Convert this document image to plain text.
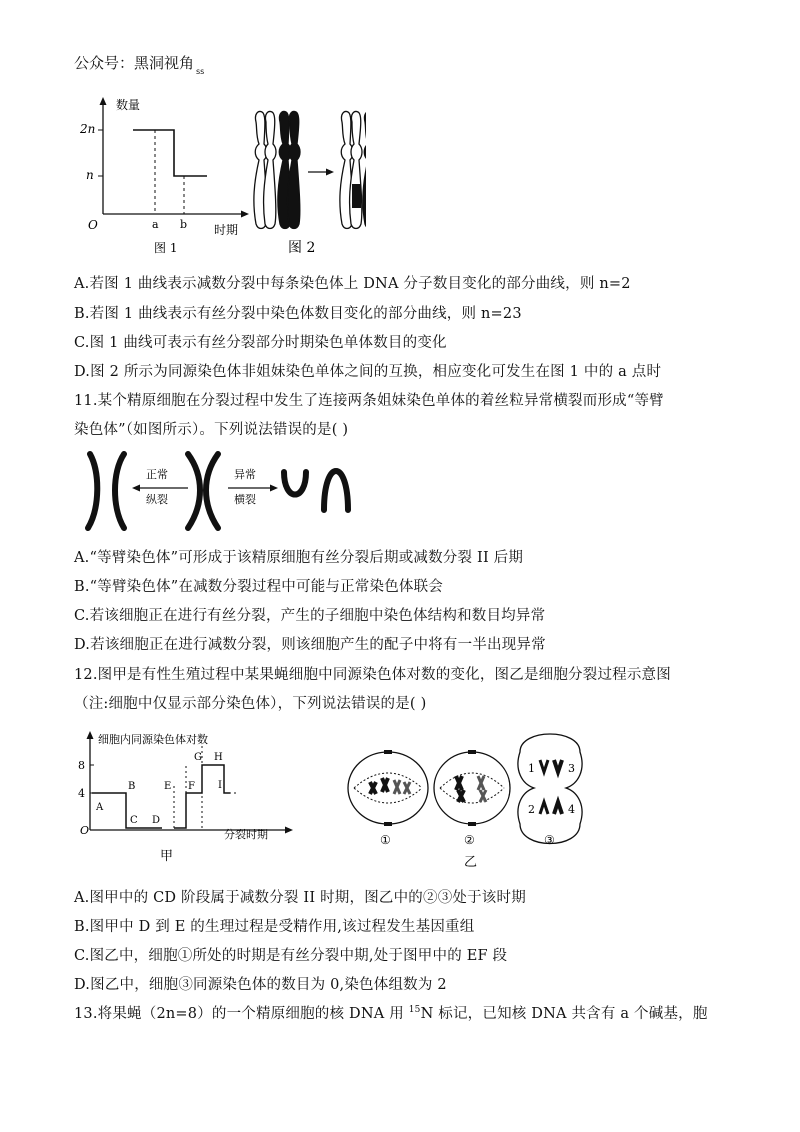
公众号：黑洞视角 $_{ss}$
数量
时期
2n
n
O	a b
图 1	图 2
A.若图 1 曲线表示减数分裂中每条染色体上 DNA 分子数目变化的部分曲线，则 n=2
B.若图 1 曲线表示有丝分裂中染色体数目变化的部分曲线，则 n=23
C.图 1 曲线可表示有丝分裂部分时期染色单体数目的变化
D.图 2 所示为同源染色体非姐妹染色单体之间的互换，相应变化可发生在图 1 中的 a 点时
11.某个精原细胞在分裂过程中发生了连接两条姐妹染色单体的着丝粒异常横裂而形成“等臂
染色体”（如图所示）。下列说法错误的是( )
正常
纵裂
异常
横裂
A.“等臂染色体”可形成于该精原细胞有丝分裂后期或减数分裂 II 后期
B.“等臂染色体”在减数分裂过程中可能与正常染色体联会
C.若该细胞正在进行有丝分裂，产生的子细胞中染色体结构和数目均异常
D.若该细胞正在进行减数分裂，则该细胞产生的配子中将有一半出现异常
12.图甲是有性生殖过程中某果蝇细胞中同源染色体对数的变化，图乙是细胞分裂过程示意图
（注:细胞中仅显示部分染色体），下列说法错误的是( )
细胞内同源染色体对数
分裂时期
8
4
O
A
B
C D
E F
G H
I
甲
1	3
2	4
①	②	③
乙
A.图甲中的 CD 阶段属于减数分裂 II 时期，图乙中的②③处于该时期
B.图甲中 D 到 E 的生理过程是受精作用,该过程发生基因重组
C.图乙中，细胞①所处的时期是有丝分裂中期,处于图甲中的 EF 段
D.图乙中，细胞③同源染色体的数目为 0,染色体组数为 2
13.将果蝇（2n=8）的一个精原细胞的核 DNA 用 $^{15}$N 标记，已知核 DNA 共含有 a 个碱基，胞
